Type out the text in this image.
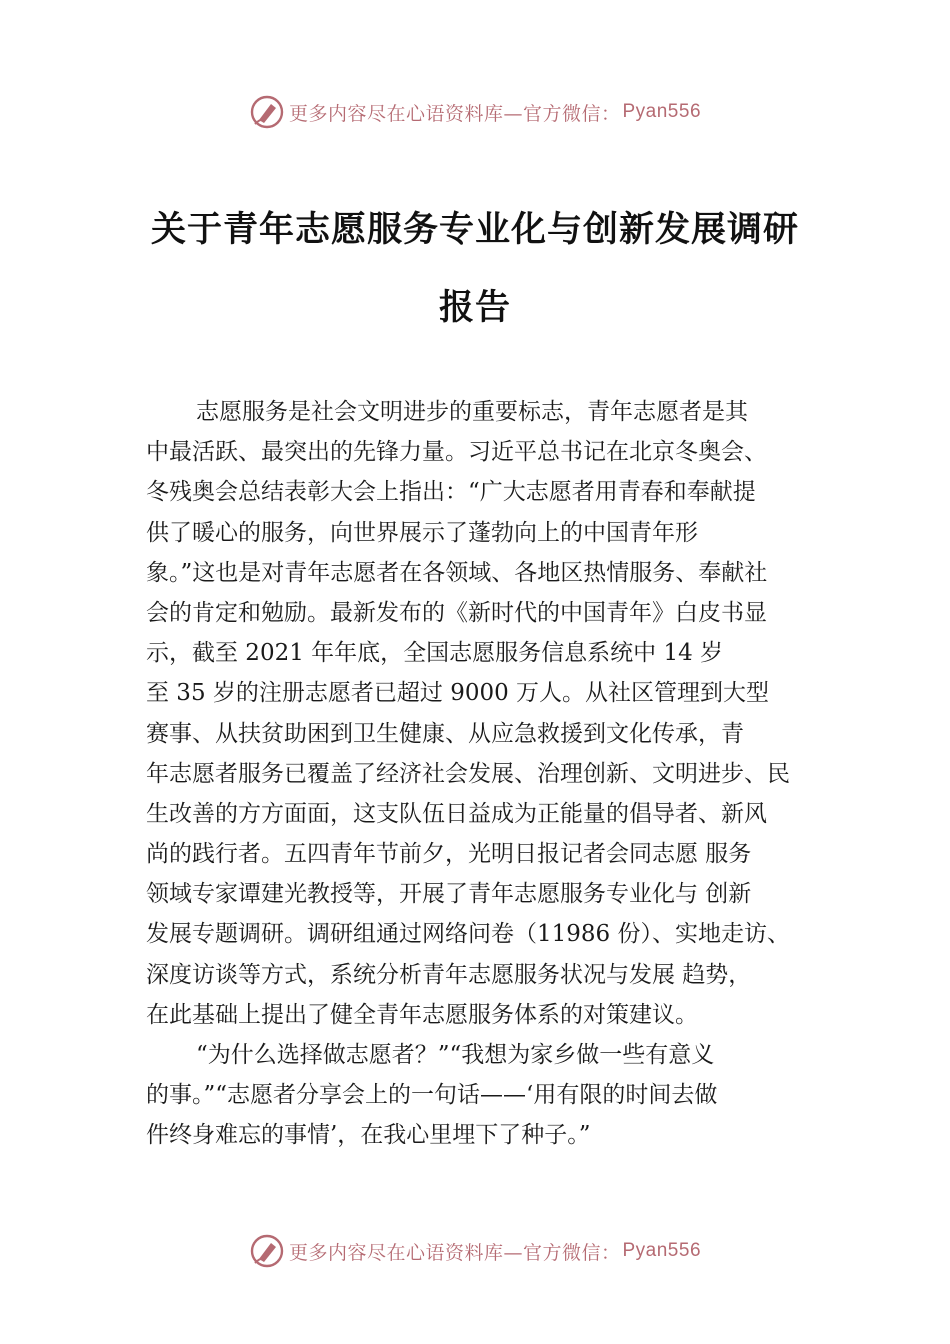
更多内容尽在心语资料库—官方微信： Pyan556
关于青年志愿服务专业化与创新发展调研
报告
志愿服务是社会文明进步的重要标志，青年志愿者是其
中最活跃、最突出的先锋力量。习近平总书记在北京冬奥会、
冬残奥会总结表彰大会上指出：“广大志愿者用青春和奉献提
供了暖心的服务，向世界展示了蓬勃向上的中国青年形
象。”这也是对青年志愿者在各领域、各地区热情服务、奉献社
会的肯定和勉励。最新发布的《新时代的中国青年》白皮书显
示，截至 2021 年年底，全国志愿服务信息系统中 14 岁
至 35 岁的注册志愿者已超过 9000 万人。从社区管理到大型
赛事、从扶贫助困到卫生健康、从应急救援到文化传承，青
年志愿者服务已覆盖了经济社会发展、治理创新、文明进步、民
生改善的方方面面，这支队伍日益成为正能量的倡导者、新风
尚的践行者。五四青年节前夕，光明日报记者会同志愿 服务
领域专家谭建光教授等，开展了青年志愿服务专业化与 创新
发展专题调研。调研组通过网络问卷（11986 份）、实地走访、
深度访谈等方式，系统分析青年志愿服务状况与发展 趋势，
在此基础上提出了健全青年志愿服务体系的对策建议。
“为什么选择做志愿者？”“我想为家乡做一些有意义
的事。”“志愿者分享会上的一句话——‘用有限的时间去做
件终身难忘的事情’，在我心里埋下了种子。”
更多内容尽在心语资料库—官方微信： Pyan556
